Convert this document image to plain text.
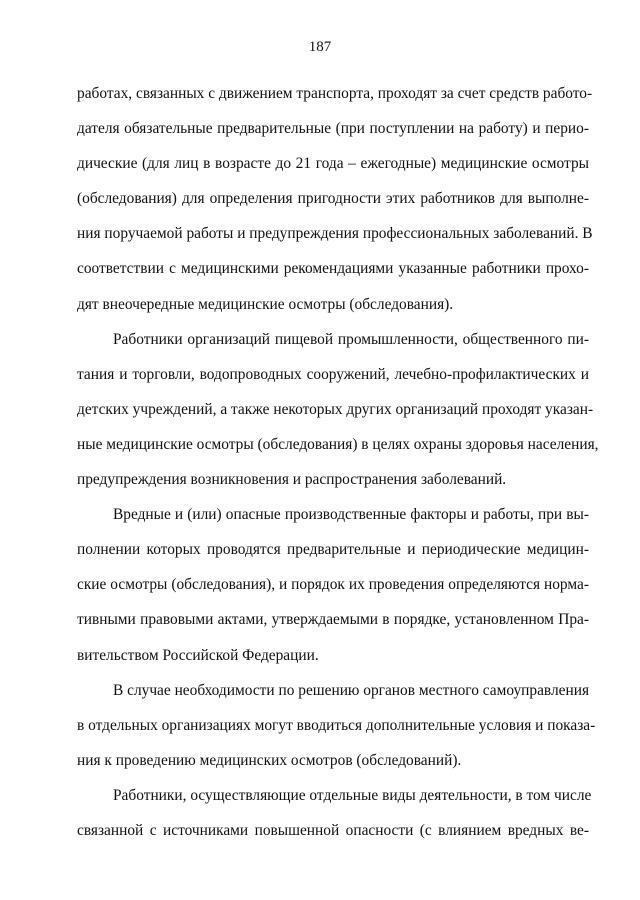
187
работах, связанных с движением транспорта, проходят за счет средств работо-
дателя обязательные предварительные (при поступлении на работу) и перио-
дические (для лиц в возрасте до 21 года – ежегодные) медицинские осмотры
(обследования) для определения пригодности этих работников для выполне-
ния поручаемой работы и предупреждения профессиональных заболеваний. В
соответствии с медицинскими рекомендациями указанные работники прохо-
дят внеочередные медицинские осмотры (обследования).
Работники организаций пищевой промышленности, общественного пи-
тания и торговли, водопроводных сооружений, лечебно-профилактических и
детских учреждений, а также некоторых других организаций проходят указан-
ные медицинские осмотры (обследования) в целях охраны здоровья населения,
предупреждения возникновения и распространения заболеваний.
Вредные и (или) опасные производственные факторы и работы, при вы-
полнении которых проводятся предварительные и периодические медицин-
ские осмотры (обследования), и порядок их проведения определяются норма-
тивными правовыми актами, утверждаемыми в порядке, установленном Пра-
вительством Российской Федерации.
В случае необходимости по решению органов местного самоуправления
в отдельных организациях могут вводиться дополнительные условия и показа-
ния к проведению медицинских осмотров (обследований).
Работники, осуществляющие отдельные виды деятельности, в том числе
связанной с источниками повышенной опасности (с влиянием вредных ве-
